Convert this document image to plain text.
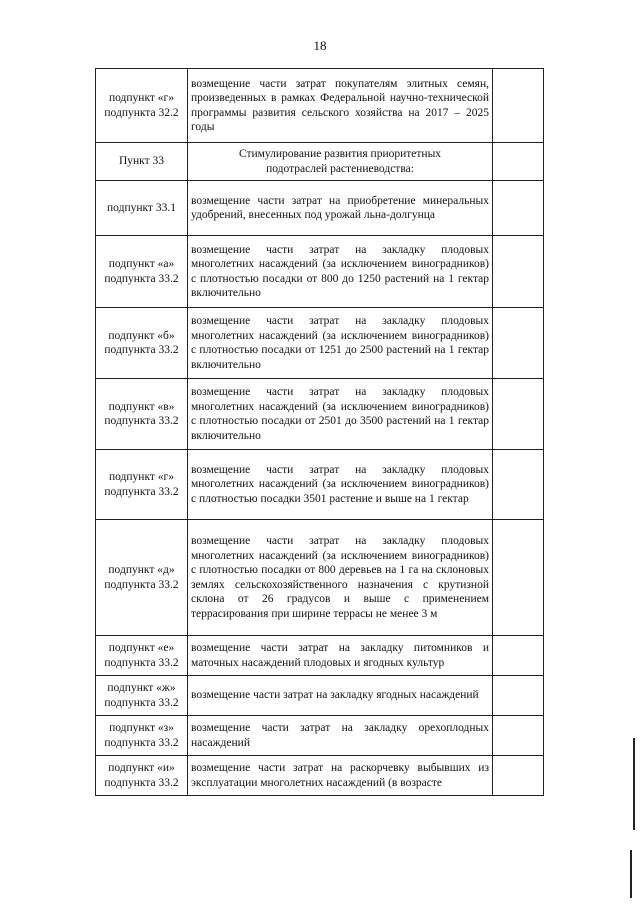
18
подпункт «г» подпункта 32.2	возмещение части затрат покупателям элитных семян, произведенных в рамках Федеральной научно-технической программы развития сельского хозяйства на 2017 – 2025 годы	
Пункт 33	Стимулирование развития приоритетных подотраслей растениеводства:	
подпункт 33.1	возмещение части затрат на приобретение минеральных удобрений, внесенных под урожай льна-долгунца	
подпункт «а» подпункта 33.2	возмещение части затрат на закладку плодовых многолетних насаждений (за исключением виноградников) с плотностью посадки от 800 до 1250 растений на 1 гектар включительно	
подпункт «б» подпункта 33.2	возмещение части затрат на закладку плодовых многолетних насаждений (за исключением виноградников) с плотностью посадки от 1251 до 2500 растений на 1 гектар включительно	
подпункт «в» подпункта 33.2	возмещение части затрат на закладку плодовых многолетних насаждений (за исключением виноградников) с плотностью посадки от 2501 до 3500 растений на 1 гектар включительно	
подпункт «г» подпункта 33.2	возмещение части затрат на закладку плодовых многолетних насаждений (за исключением виноградников) с плотностью посадки 3501 растение и выше на 1 гектар	
подпункт «д» подпункта 33.2	возмещение части затрат на закладку плодовых многолетних насаждений (за исключением виноградников) с плотностью посадки от 800 деревьев на 1 га на склоновых землях сельскохозяйственного назначения с крутизной склона от 26 градусов и выше с применением террасирования при ширине террасы не менее 3 м	
подпункт «е» подпункта 33.2	возмещение части затрат на закладку питомников и маточных насаждений плодовых и ягодных культур	
подпункт «ж» подпункта 33.2	возмещение части затрат на закладку ягодных насаждений	
подпункт «з» подпункта 33.2	возмещение части затрат на закладку орехоплодных насаждений	
подпункт «и» подпункта 33.2	возмещение части затрат на раскорчевку выбывших из эксплуатации многолетних насаждений (в возрасте	
